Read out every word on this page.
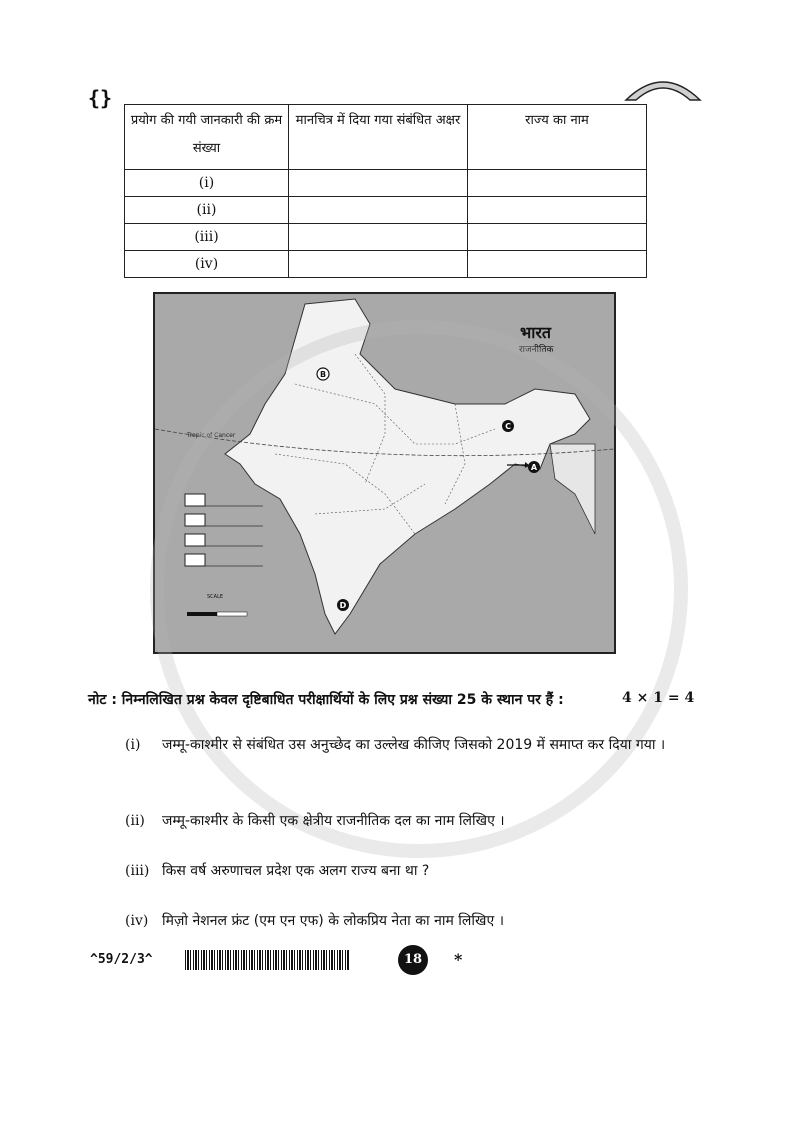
{}
प्रयोग की गयी जानकारी की क्रम संख्या	मानचित्र में दिया गया संबंधित अक्षर	राज्य का नाम
(i)		
(ii)		
(iii)		
(iv)		
Tropic of Cancer
भारत
राजनीतिक
SCALE
A
B
C
D
नोट : निम्नलिखित प्रश्न केवल दृष्टिबाधित परीक्षार्थियों के लिए प्रश्न संख्या 25 के स्थान पर हैं :	4 × 1 = 4
(i) जम्मू-काश्मीर से संबंधित उस अनुच्छेद का उल्लेख कीजिए जिसको 2019 में समाप्त कर दिया गया ।
(ii) जम्मू-काश्मीर के किसी एक क्षेत्रीय राजनीतिक दल का नाम लिखिए ।
(iii) किस वर्ष अरुणाचल प्रदेश एक अलग राज्य बना था ?
(iv) मिज़ो नेशनल फ्रंट (एम एन एफ) के लोकप्रिय नेता का नाम लिखिए ।
^59/2/3^	18	*
